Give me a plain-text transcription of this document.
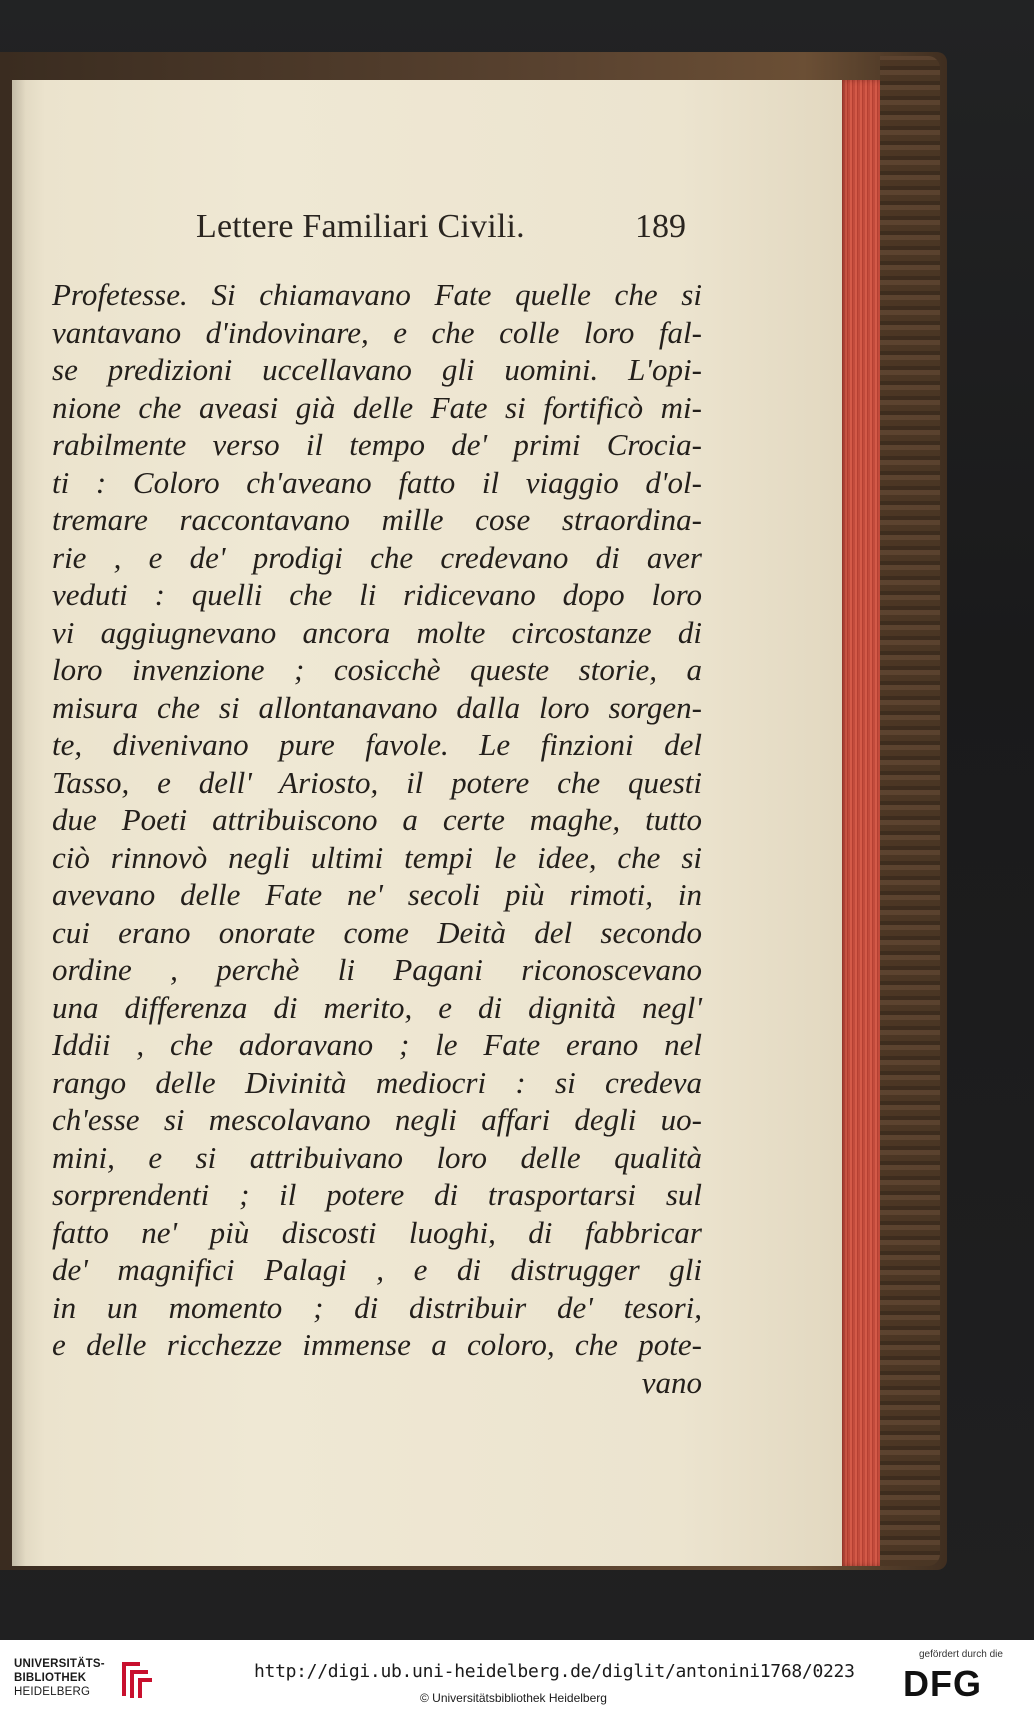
Lettere Familiari Civili.	189
Profetesse. Si chiamavano Fate quelle che si
vantavano d'indovinare, e che colle loro fal-
se predizioni uccellavano gli uomini. L'opi-
nione che aveasi già delle Fate si fortificò mi-
rabilmente verso il tempo de' primi Crocia-
ti : Coloro ch'aveano fatto il viaggio d'ol-
tremare raccontavano mille cose straordina-
rie , e de' prodigi che credevano di aver
veduti : quelli che li ridicevano dopo loro
vi aggiugnevano ancora molte circostanze di
loro invenzione ; cosicchè queste storie, a
misura che si allontanavano dalla loro sorgen-
te, divenivano pure favole. Le finzioni del
Tasso, e dell' Ariosto, il potere che questi
due Poeti attribuiscono a certe maghe, tutto
ciò rinnovò negli ultimi tempi le idee, che si
avevano delle Fate ne' secoli più rimoti, in
cui erano onorate come Deità del secondo
ordine , perchè li Pagani riconoscevano
una differenza di merito, e di dignità negl'
Iddii , che adoravano ; le Fate erano nel
rango delle Divinità mediocri : si credeva
ch'esse si mescolavano negli affari degli uo-
mini, e si attribuivano loro delle qualità
sorprendenti ; il potere di trasportarsi sul
fatto ne' più discosti luoghi, di fabbricar
de' magnifici Palagi , e di distrugger gli
in un momento ; di distribuir de' tesori,
e delle ricchezze immense a coloro, che pote-
vano
UNIVERSITÄTS-
BIBLIOTHEK
HEIDELBERG
http://digi.ub.uni-heidelberg.de/diglit/antonini1768/0223
© Universitätsbibliothek Heidelberg
gefördert durch die
DFG
